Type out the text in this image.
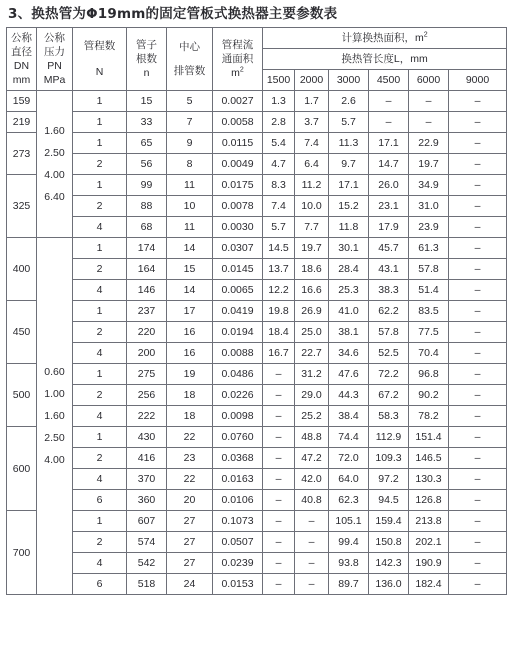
3、换热管为Φ19mm的固定管板式换热器主要参数表
公称
直径
DN
mm	公称
压力
PN
MPa	管程数
N	管子
根数
n	中心
排管数	管程流
通面积
$m^2$	计算换热面积，$m^2$
						换热管长度L，mm					
						1500	2000	3000	4500	6000	9000
159	1.60
2.50
4.00
6.40	1	15	5	0.0027	1.3	1.7	2.6	–	–	–
219		1	33	7	0.0058	2.8	3.7	5.7	–	–	–
273		1	65	9	0.0115	5.4	7.4	11.3	17.1	22.9	–
		2	56	8	0.0049	4.7	6.4	9.7	14.7	19.7	–
325		1	99	11	0.0175	8.3	11.2	17.1	26.0	34.9	–
		2	88	10	0.0078	7.4	10.0	15.2	23.1	31.0	–
		4	68	11	0.0030	5.7	7.7	11.8	17.9	23.9	–
400	0.60
1.00
1.60
2.50
4.00	1	174	14	0.0307	14.5	19.7	30.1	45.7	61.3	–
		2	164	15	0.0145	13.7	18.6	28.4	43.1	57.8	–
		4	146	14	0.0065	12.2	16.6	25.3	38.3	51.4	–
450		1	237	17	0.0419	19.8	26.9	41.0	62.2	83.5	–
		2	220	16	0.0194	18.4	25.0	38.1	57.8	77.5	–
		4	200	16	0.0088	16.7	22.7	34.6	52.5	70.4	–
500		1	275	19	0.0486	–	31.2	47.6	72.2	96.8	–
		2	256	18	0.0226	–	29.0	44.3	67.2	90.2	–
		4	222	18	0.0098	–	25.2	38.4	58.3	78.2	–
600		1	430	22	0.0760	–	48.8	74.4	112.9	151.4	–
		2	416	23	0.0368	–	47.2	72.0	109.3	146.5	–
		4	370	22	0.0163	–	42.0	64.0	97.2	130.3	–
		6	360	20	0.0106	–	40.8	62.3	94.5	126.8	–
700		1	607	27	0.1073	–	–	105.1	159.4	213.8	–
		2	574	27	0.0507	–	–	99.4	150.8	202.1	–
		4	542	27	0.0239	–	–	93.8	142.3	190.9	–
		6	518	24	0.0153	–	–	89.7	136.0	182.4	–
